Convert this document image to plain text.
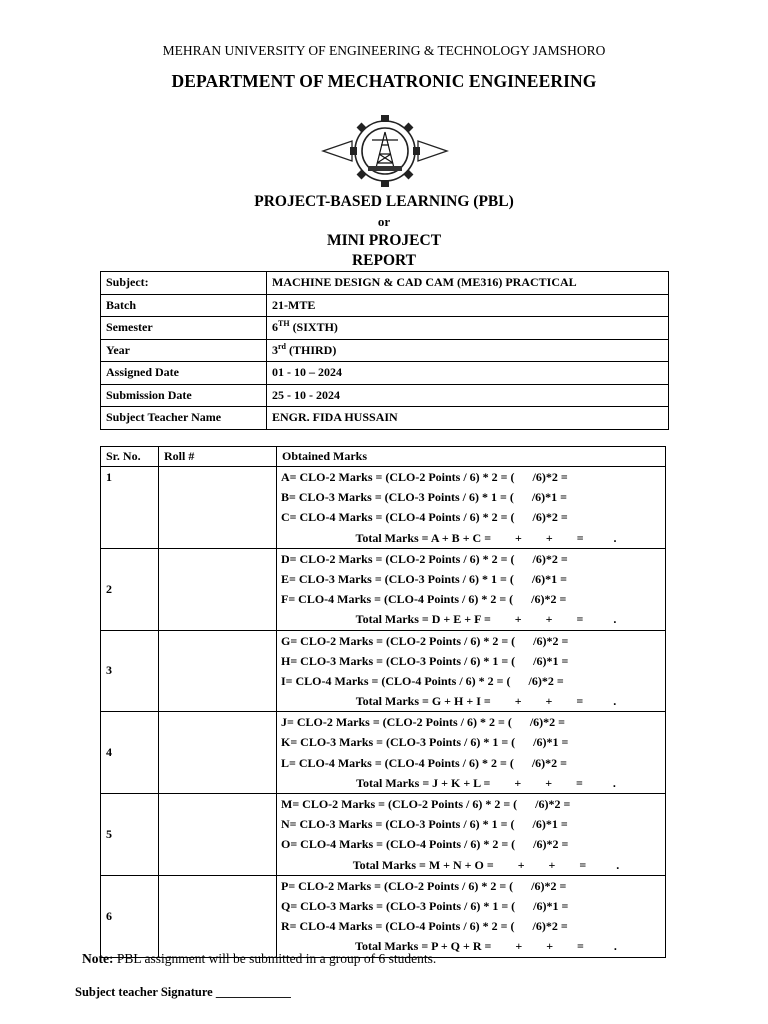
MEHRAN UNIVERSITY OF ENGINEERING & TECHNOLOGY JAMSHORO
DEPARTMENT OF MECHATRONIC ENGINEERING
PROJECT-BASED LEARNING (PBL)
or
MINI PROJECT
REPORT
Subject:	MACHINE DESIGN & CAD CAM (ME316) PRACTICAL
Batch	21-MTE
Semester	6TH (SIXTH)
Year	3rd (THIRD)
Assigned Date	01 - 10 – 2024
Submission Date	25 - 10 - 2024
Subject Teacher Name	ENGR. FIDA HUSSAIN
Sr. No.	Roll #	Obtained Marks
1		A= CLO-2 Marks = (CLO-2 Points / 6) * 2 = (      /6)*2 =
B= CLO-3 Marks = (CLO-3 Points / 6) * 1 = (      /6)*1 =
C= CLO-4 Marks = (CLO-4 Points / 6) * 2 = (      /6)*2 =
Total Marks = A + B + C =        +        +        =          .

2		D= CLO-2 Marks = (CLO-2 Points / 6) * 2 = (      /6)*2 =
E= CLO-3 Marks = (CLO-3 Points / 6) * 1 = (      /6)*1 =
F= CLO-4 Marks = (CLO-4 Points / 6) * 2 = (      /6)*2 =
Total Marks = D + E + F =        +        +        =          .

3		G= CLO-2 Marks = (CLO-2 Points / 6) * 2 = (      /6)*2 =
H= CLO-3 Marks = (CLO-3 Points / 6) * 1 = (      /6)*1 =
I= CLO-4 Marks = (CLO-4 Points / 6) * 2 = (      /6)*2 =
Total Marks = G + H + I =        +        +        =          .

4		J= CLO-2 Marks = (CLO-2 Points / 6) * 2 = (      /6)*2 =
K= CLO-3 Marks = (CLO-3 Points / 6) * 1 = (      /6)*1 =
L= CLO-4 Marks = (CLO-4 Points / 6) * 2 = (      /6)*2 =
Total Marks = J + K + L =        +        +        =          .

5		M= CLO-2 Marks = (CLO-2 Points / 6) * 2 = (      /6)*2 =
N= CLO-3 Marks = (CLO-3 Points / 6) * 1 = (      /6)*1 =
O= CLO-4 Marks = (CLO-4 Points / 6) * 2 = (      /6)*2 =
Total Marks = M + N + O =        +        +        =          .

6		P= CLO-2 Marks = (CLO-2 Points / 6) * 2 = (      /6)*2 =
Q= CLO-3 Marks = (CLO-3 Points / 6) * 1 = (      /6)*1 =
R= CLO-4 Marks = (CLO-4 Points / 6) * 2 = (      /6)*2 =
Total Marks = P + Q + R =        +        +        =          .
Note: PBL assignment will be submitted in a group of 6 students.
Subject teacher Signature ____________
